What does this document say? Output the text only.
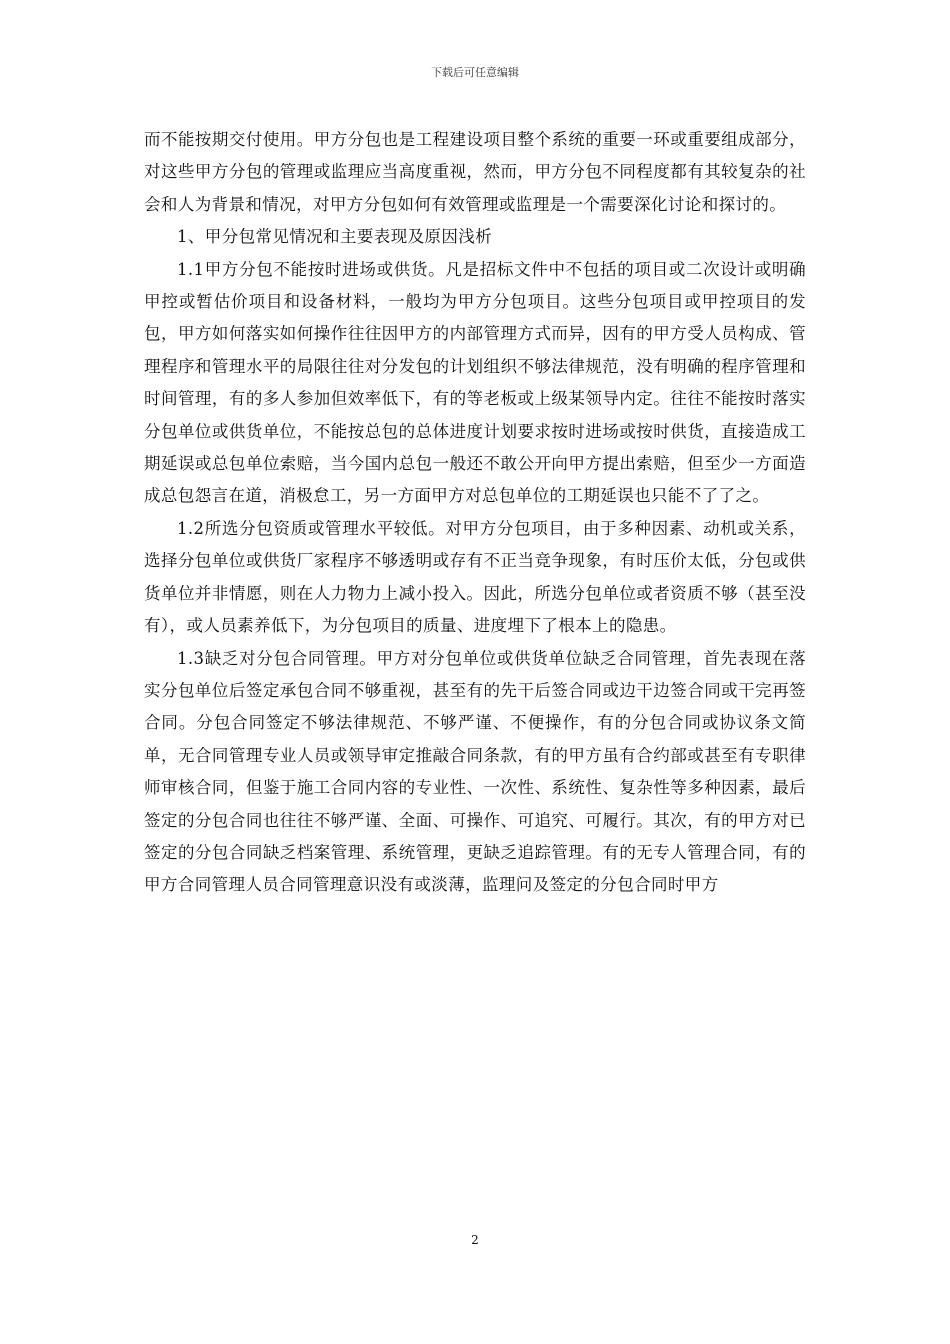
下载后可任意编辑

而不能按期交付使用。甲方分包也是工程建设项目整个系统的重要一环或重要组成部分，对这些甲方分包的管理或监理应当高度重视，然而，甲方分包不同程度都有其较复杂的社会和人为背景和情况，对甲方分包如何有效管理或监理是一个需要深化讨论和探讨的。

1、甲分包常见情况和主要表现及原因浅析

1.1甲方分包不能按时进场或供货。凡是招标文件中不包括的项目或二次设计或明确甲控或暂估价项目和设备材料，一般均为甲方分包项目。这些分包项目或甲控项目的发包，甲方如何落实如何操作往往因甲方的内部管理方式而异，因有的甲方受人员构成、管理程序和管理水平的局限往往对分发包的计划组织不够法律规范，没有明确的程序管理和时间管理，有的多人参加但效率低下，有的等老板或上级某领导内定。往往不能按时落实分包单位或供货单位，不能按总包的总体进度计划要求按时进场或按时供货，直接造成工期延误或总包单位索赔，当今国内总包一般还不敢公开向甲方提出索赔，但至少一方面造成总包怨言在道，消极怠工，另一方面甲方对总包单位的工期延误也只能不了了之。

1.2所选分包资质或管理水平较低。对甲方分包项目，由于多种因素、动机或关系，选择分包单位或供货厂家程序不够透明或存有不正当竞争现象，有时压价太低，分包或供货单位并非情愿，则在人力物力上减小投入。因此，所选分包单位或者资质不够（甚至没有），或人员素养低下，为分包项目的质量、进度埋下了根本上的隐患。

1.3缺乏对分包合同管理。甲方对分包单位或供货单位缺乏合同管理，首先表现在落实分包单位后签定承包合同不够重视，甚至有的先干后签合同或边干边签合同或干完再签合同。分包合同签定不够法律规范、不够严谨、不便操作，有的分包合同或协议条文简单，无合同管理专业人员或领导审定推敲合同条款，有的甲方虽有合约部或甚至有专职律师审核合同，但鉴于施工合同内容的专业性、一次性、系统性、复杂性等多种因素，最后签定的分包合同也往往不够严谨、全面、可操作、可追究、可履行。其次，有的甲方对已签定的分包合同缺乏档案管理、系统管理，更缺乏追踪管理。有的无专人管理合同，有的甲方合同管理人员合同管理意识没有或淡薄，监理问及签定的分包合同时甲方

2
